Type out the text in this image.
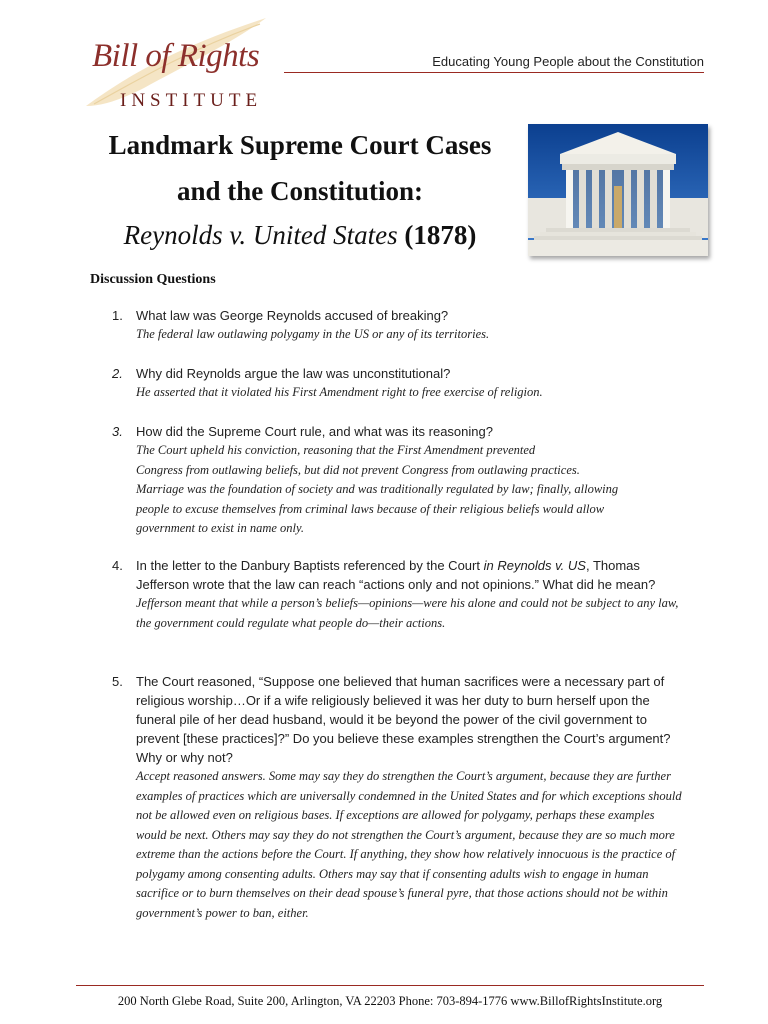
Bill of Rights
INSTITUTE
Educating Young People about the Constitution
Landmark Supreme Court Cases
and the Constitution:
Reynolds v. United States (1878)
Discussion Questions
1. What law was George Reynolds accused of breaking?
The federal law outlawing polygamy in the US or any of its territories.
2. Why did Reynolds argue the law was unconstitutional?
He asserted that it violated his First Amendment right to free exercise of religion.
3. How did the Supreme Court rule, and what was its reasoning?
The Court upheld his conviction, reasoning that the First Amendment prevented
Congress from outlawing beliefs, but did not prevent Congress from outlawing practices.
Marriage was the foundation of society and was traditionally regulated by law; finally, allowing
people to excuse themselves from criminal laws because of their religious beliefs would allow
government to exist in name only.
4. In the letter to the Danbury Baptists referenced by the Court in Reynolds v. US, Thomas Jefferson wrote that the law can reach “actions only and not opinions.” What did he mean?
Jefferson meant that while a person’s beliefs—opinions—were his alone and could not be subject to any law, the government could regulate what people do—their actions.
5. The Court reasoned, “Suppose one believed that human sacrifices were a necessary part of religious worship…Or if a wife religiously believed it was her duty to burn herself upon the funeral pile of her dead husband, would it be beyond the power of the civil government to prevent [these practices]?” Do you believe these examples strengthen the Court’s argument? Why or why not?
Accept reasoned answers. Some may say they do strengthen the Court’s argument, because they are further examples of practices which are universally condemned in the United States and for which exceptions should not be allowed even on religious bases. If exceptions are allowed for polygamy, perhaps these examples would be next. Others may say they do not strengthen the Court’s argument, because they are so much more extreme than the actions before the Court. If anything, they show how relatively innocuous is the practice of polygamy among consenting adults. Others may say that if consenting adults wish to engage in human sacrifice or to burn themselves on their dead spouse’s funeral pyre, that those actions should not be within government’s power to ban, either.
200 North Glebe Road, Suite 200, Arlington, VA 22203 Phone: 703-894-1776 www.BillofRightsInstitute.org
